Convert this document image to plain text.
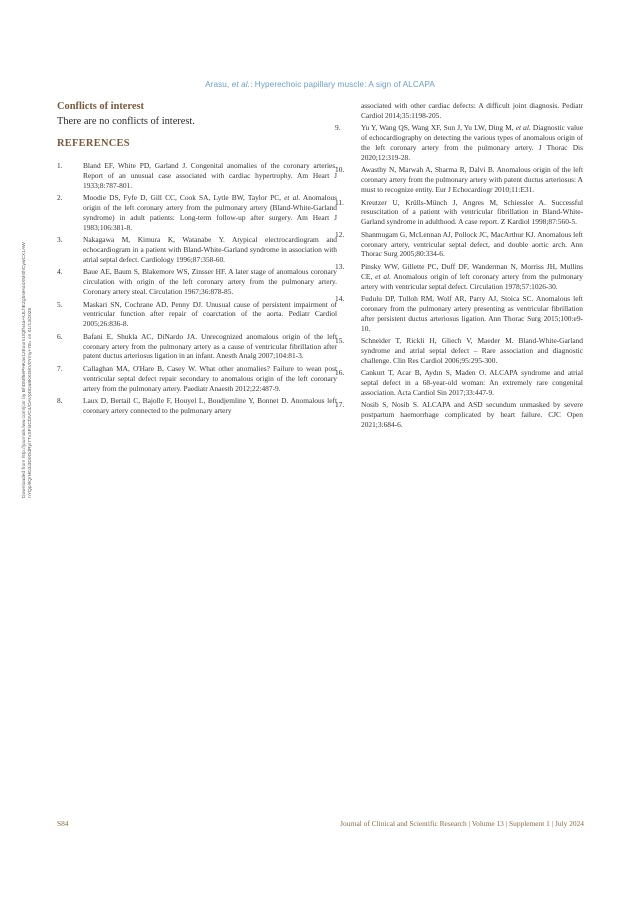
Arasu, et al.: Hyperechoic papillary muscle: A sign of ALCAPA
Downloaded from http://journals.lww.com/jcsr by BhDMf5ePHKav1zEoum1tQfN4a+kJLhEZgbsIHo4XMi0hCywCX1AW nYQp/IlQrHD3i3D0OdRyi7TvSFl4Cf3VC4/OAVpDDa8KKGKV0Ymy+78= on 01/13/2025
Conflicts of interest
There are no conflicts of interest.
REFERENCES
1.	Bland EF, White PD, Garland J. Congenital anomalies of the coronary arteries. Report of an unusual case associated with cardiac hypertrophy. Am Heart J 1933;8:787-801.
2.	Moodie DS, Fyfe D, Gill CC, Cook SA, Lytle BW, Taylor PC, et al. Anomalous origin of the left coronary artery from the pulmonary artery (Bland-White-Garland syndrome) in adult patients: Long-term follow-up after surgery. Am Heart J 1983;106:381-8.
3.	Nakagawa M, Kimura K, Watanabe Y. Atypical electrocardiogram and echocardiogram in a patient with Bland-White-Garland syndrome in association with atrial septal defect. Cardiology 1996;87:358-60.
4.	Baue AE, Baum S, Blakemore WS, Zinsser HF. A later stage of anomalous coronary circulation with origin of the left coronary artery from the pulmonary artery. Coronary artery steal. Circulation 1967;36:878-85.
5.	Maskari SN, Cochrane AD, Penny DJ. Unusual cause of persistent impairment of ventricular function after repair of coarctation of the aorta. Pediatr Cardiol 2005;26:836-8.
6.	Bafani E, Shukla AC, DiNardo JA. Unrecognized anomalous origin of the left coronary artery from the pulmonary artery as a cause of ventricular fibrillation after patent ductus arteriosus ligation in an infant. Anesth Analg 2007;104:81-3.
7.	Callaghan MA, O'Hare B, Casey W. What other anomalies? Failure to wean post ventricular septal defect repair secondary to anomalous origin of the left coronary artery from the pulmonary artery. Paediatr Anaesth 2012;22:487-9.
8.	Laux D, Bertail C, Bajolle F, Houyel L, Boudjemline Y, Bonnet D. Anomalous left coronary artery connected to the pulmonary artery
associated with other cardiac defects: A difficult joint diagnosis. Pediatr Cardiol 2014;35:1198-205.
9.	Yu Y, Wang QS, Wang XF, Sun J, Yu LW, Ding M, et al. Diagnostic value of echocardiography on detecting the various types of anomalous origin of the left coronary artery from the pulmonary artery. J Thorac Dis 2020;12:319-28.
10. Awasthy N, Marwah A, Sharma R, Dalvi B. Anomalous origin of the left coronary artery from the pulmonary artery with patent ductus arteriosus: A must to recognize entity. Eur J Echocardiogr 2010;11:E31.
11. Kreutzer U, Krülls-Münch J, Angres M, Schiessler A. Successful resuscitation of a patient with ventricular fibrillation in Bland-White-Garland syndrome in adulthood. A case report. Z Kardiol 1998;87:560-5.
12. Shanmugam G, McLennan AJ, Pollock JC, MacArthur KJ. Anomalous left coronary artery, ventricular septal defect, and double aortic arch. Ann Thorac Surg 2005;80:334-6.
13. Pinsky WW, Gillette PC, Duff DF, Wanderman N, Morriss JH, Mullins CE, et al. Anomalous origin of left coronary artery from the pulmonary artery with ventricular septal defect. Circulation 1978;57:1026-30.
14. Fudulu DP, Tulloh RM, Wolf AR, Parry AJ, Stoica SC. Anomalous left coronary from the pulmonary artery presenting as ventricular fibrillation after persistent ductus arteriosus ligation. Ann Thorac Surg 2015;100:e9-10.
15. Schneider T, Rickli H, Gliech V, Maeder M. Bland-White-Garland syndrome and atrial septal defect – Rare association and diagnostic challenge. Clin Res Cardiol 2006;95:295-300.
16. Cankurt T, Acar B, Aydın S, Maden O. ALCAPA syndrome and atrial septal defect in a 68-year-old woman: An extremely rare congenital association. Acta Cardiol Sin 2017;33:447-9.
17. Nosib S, Nosib S. ALCAPA and ASD secundum unmasked by severe postpartum haemorrhage complicated by heart failure. CJC Open 2021;3:684-6.
S84	Journal of Clinical and Scientific Research | Volume 13 | Supplement 1 | July 2024
